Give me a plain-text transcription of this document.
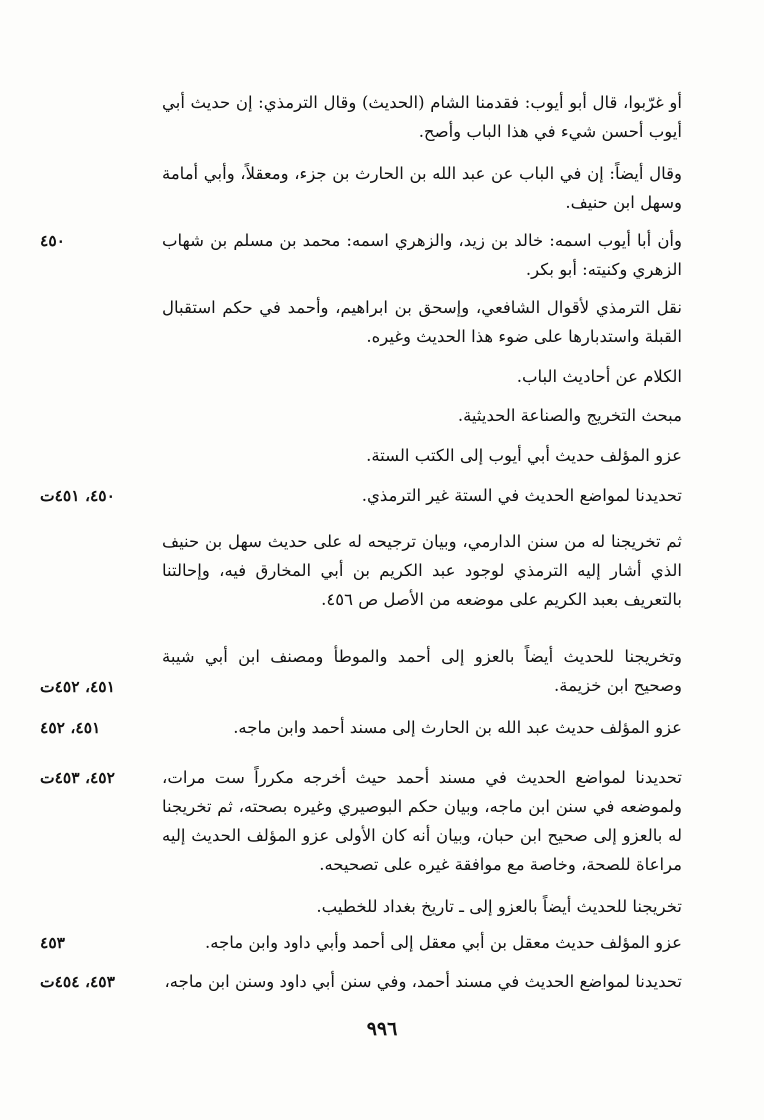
أو غرّبوا، قال أبو أيوب: فقدمنا الشام (الحديث) وقال الترمذي: إن حديث أبي أيوب أحسن شيء في هذا الباب وأصح.
وقال أيضاً: إن في الباب عن عبد الله بن الحارث بن جزء، ومعقلاً، وأبي أمامة وسهل ابن حنيف.
وأن أبا أيوب اسمه: خالد بن زيد، والزهري اسمه: محمد بن مسلم بن شهاب الزهري وكنيته: أبو بكر.
٤٥٠
نقل الترمذي لأقوال الشافعي، وإسحق بن ابراهيم، وأحمد في حكم استقبال القبلة واستدبارها على ضوء هذا الحديث وغيره.
الكلام عن أحاديث الباب.
مبحث التخريج والصناعة الحديثية.
عزو المؤلف حديث أبي أيوب إلى الكتب الستة.
تحديدنا لمواضع الحديث في الستة غير الترمذي.
٤٥٠، ٤٥١ت
ثم تخريجنا له من سنن الدارمي، وبيان ترجيحه له على حديث سهل بن حنيف الذي أشار إليه الترمذي لوجود عبد الكريم بن أبي المخارق فيه، وإحالتنا بالتعريف بعبد الكريم على موضعه من الأصل ص ٤٥٦.
وتخريجنا للحديث أيضاً بالعزو إلى أحمد والموطأ ومصنف ابن أبي شيبة وصحيح ابن خزيمة.
٤٥١، ٤٥٢ت
عزو المؤلف حديث عبد الله بن الحارث إلى مسند أحمد وابن ماجه.
٤٥١، ٤٥٢
تحديدنا لمواضع الحديث في مسند أحمد حيث أخرجه مكرراً ست مرات، ولموضعه في سنن ابن ماجه، وبيان حكم البوصيري وغيره بصحته، ثم تخريجنا له بالعزو إلى صحيح ابن حبان، وبيان أنه كان الأولى عزو المؤلف الحديث إليه مراعاة للصحة، وخاصة مع موافقة غيره على تصحيحه.
٤٥٢، ٤٥٣ت
تخريجنا للحديث أيضاً بالعزو إلى ـ تاريخ بغداد للخطيب.
عزو المؤلف حديث معقل بن أبي معقل إلى أحمد وأبي داود وابن ماجه.
٤٥٣
تحديدنا لمواضع الحديث في مسند أحمد، وفي سنن أبي داود وسنن ابن ماجه،
٤٥٣، ٤٥٤ت
٩٩٦
